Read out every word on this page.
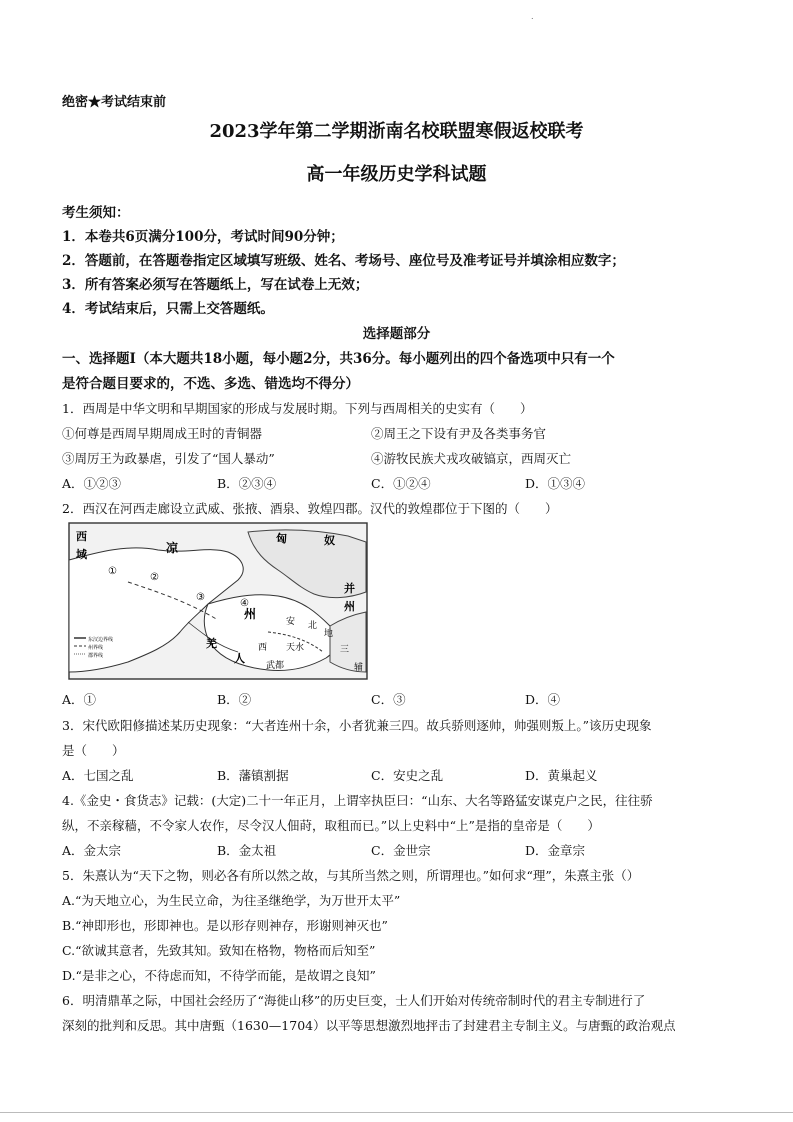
.
绝密★考试结束前
2023学年第二学期浙南名校联盟寒假返校联考
高一年级历史学科试题
考生须知：
1．本卷共6页满分100分，考试时间90分钟；
2．答题前，在答题卷指定区域填写班级、姓名、考场号、座位号及准考证号并填涂相应数字；
3．所有答案必须写在答题纸上，写在试卷上无效；
4．考试结束后，只需上交答题纸。
选择题部分
一、选择题Ⅰ（本大题共18小题，每小题2分，共36分。每小题列出的四个备选项中只有一个
是符合题目要求的，不选、多选、错选均不得分）
1．西周是中华文明和早期国家的形成与发展时期。下列与西周相关的史实有（　　）
①何尊是西周早期周成王时的青铜器	②周王之下设有尹及各类事务官
③周厉王为政暴虐，引发了“国人暴动”	④游牧民族犬戎攻破镐京，西周灭亡
A．①②③	B．②③④	C．①②④	D．①③④
2．西汉在河西走廊设立武威、张掖、酒泉、敦煌四郡。汉代的敦煌郡位于下图的（　　）
西
域	凉
州
匈	奴
并
州
羌
人
安 北
地
天水
西
武都
三
辅
①
②
③
④
东汉边界线
州界线
郡界线
A．①	B．②	C．③	D．④
3．宋代欧阳修描述某历史现象：“大者连州十余，小者犹兼三四。故兵骄则逐帅，帅强则叛上。”该历史现象
是（　　）
A．七国之乱	B．藩镇割据	C．安史之乱	D．黄巢起义
4.《金史・食货志》记载：(大定)二十一年正月，上谓宰执臣曰：“山东、大名等路猛安谋克户之民，往往骄
纵，不亲稼穑，不令家人农作，尽令汉人佃莳，取租而已。”以上史料中“上”是指的皇帝是（　　）
A．金太宗	B．金太祖	C．金世宗	D．金章宗
5．朱熹认为“天下之物，则必各有所以然之故，与其所当然之则，所谓理也。”如何求“理”，朱熹主张（）
A.“为天地立心，为生民立命，为往圣继绝学，为万世开太平”
B.“神即形也，形即神也。是以形存则神存，形谢则神灭也”
C.“欲诚其意者，先致其知。致知在格物，物格而后知至”
D.“是非之心，不待虑而知，不待学而能，是故谓之良知”
6．明清鼎革之际，中国社会经历了“海徙山移”的历史巨变，士人们开始对传统帝制时代的君主专制进行了
深刻的批判和反思。其中唐甄（1630—1704）以平等思想激烈地抨击了封建君主专制主义。与唐甄的政治观点
